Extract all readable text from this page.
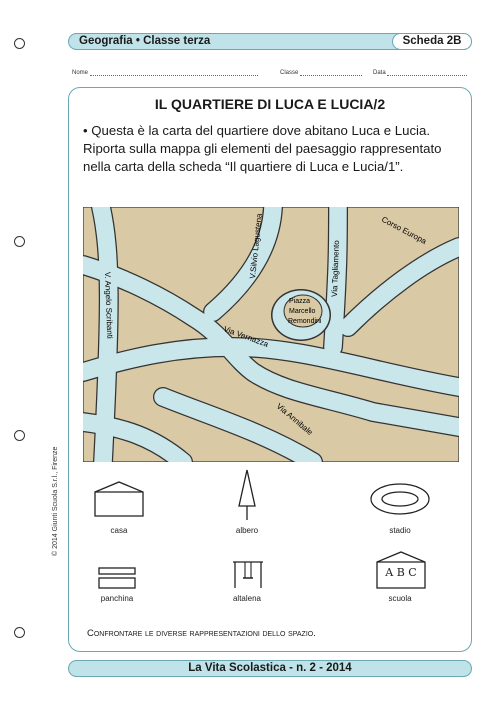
Geografia • Classe terza	Scheda 2B
Nome	Classe	Data
IL QUARTIERE DI LUCA E LUCIA/2
• Questa è la carta del quartiere dove abitano Luca e Lucia. Riporta sulla mappa gli elementi del paesaggio rappresentato nella carta della scheda “Il quartiere di Luca e Lucia/1”.
V. Angelo Scribanti
V.Silvio Lagustena	Via Tagliamento
Corso Europa
Via Vernazza
Via Annibale
Piazza
Marcello
Remondini
casa	albero	stadio
panchina	altalena
A B C
scuola
Confrontare le diverse rappresentazioni dello spazio.
© 2014 Giunti Scuola S.r.l., Firenze
La Vita Scolastica - n. 2 - 2014
